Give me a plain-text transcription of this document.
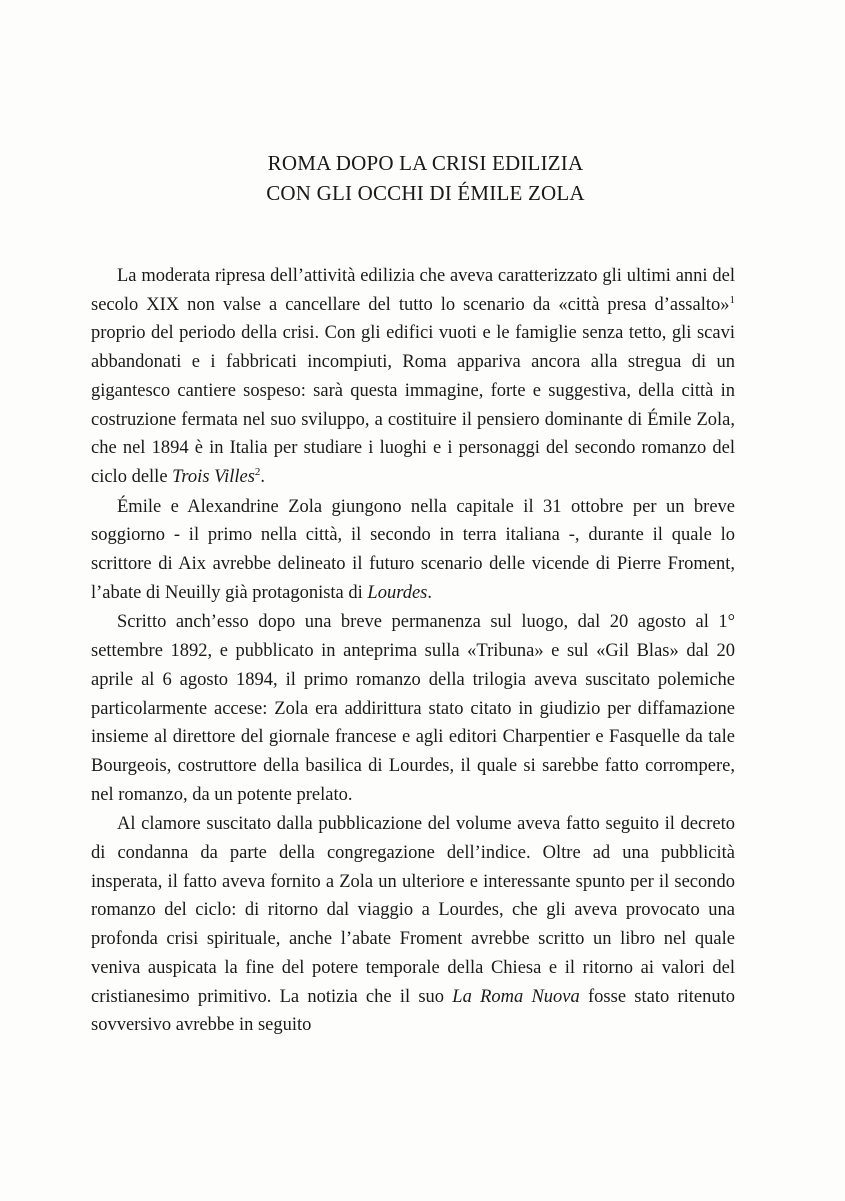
ROMA DOPO LA CRISI EDILIZIA
CON GLI OCCHI DI ÉMILE ZOLA

La moderata ripresa dell’attività edilizia che aveva caratterizzato gli ultimi anni del secolo XIX non valse a cancellare del tutto lo scenario da «città presa d’assalto»$^1$ proprio del periodo della crisi. Con gli edifici vuoti e le famiglie senza tetto, gli scavi abbandonati e i fabbricati incompiuti, Roma appariva ancora alla stregua di un gigantesco cantiere sospeso: sarà questa immagine, forte e suggestiva, della città in costruzione fermata nel suo sviluppo, a costituire il pensiero dominante di Émile Zola, che nel 1894 è in Italia per studiare i luoghi e i personaggi del secondo romanzo del ciclo delle Trois Villes$^2$.

Émile e Alexandrine Zola giungono nella capitale il 31 ottobre per un breve soggiorno - il primo nella città, il secondo in terra italiana -, durante il quale lo scrittore di Aix avrebbe delineato il futuro scenario delle vicende di Pierre Froment, l’abate di Neuilly già protagonista di Lourdes.

Scritto anch’esso dopo una breve permanenza sul luogo, dal 20 agosto al 1° settembre 1892, e pubblicato in anteprima sulla «Tribuna» e sul «Gil Blas» dal 20 aprile al 6 agosto 1894, il primo romanzo della trilogia aveva suscitato polemiche particolarmente accese: Zola era addirittura stato citato in giudizio per diffamazione insieme al direttore del giornale francese e agli editori Charpentier e Fasquelle da tale Bourgeois, costruttore della basilica di Lourdes, il quale si sarebbe fatto corrompere, nel romanzo, da un potente prelato.

Al clamore suscitato dalla pubblicazione del volume aveva fatto seguito il decreto di condanna da parte della congregazione dell’indice. Oltre ad una pubblicità insperata, il fatto aveva fornito a Zola un ulteriore e interessante spunto per il secondo romanzo del ciclo: di ritorno dal viaggio a Lourdes, che gli aveva provocato una profonda crisi spirituale, anche l’abate Froment avrebbe scritto un libro nel quale veniva auspicata la fine del potere temporale della Chiesa e il ritorno ai valori del cristianesimo primitivo. La notizia che il suo La Roma Nuova fosse stato ritenuto sovversivo avrebbe in seguito
